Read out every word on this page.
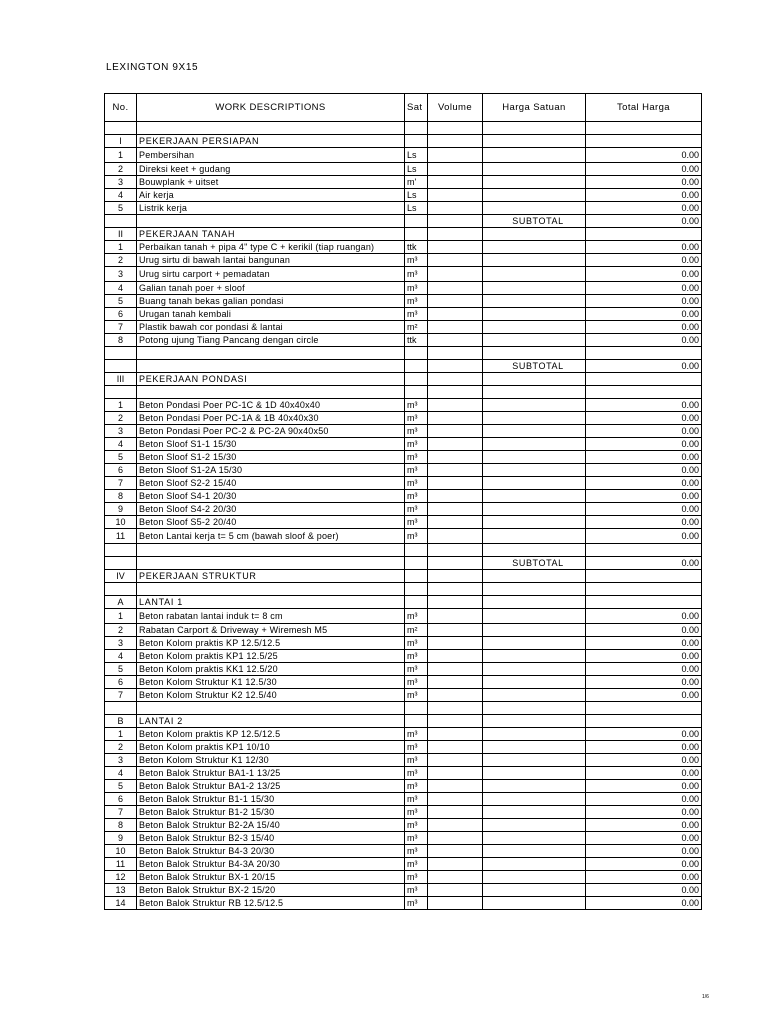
LEXINGTON 9X15
No.	WORK DESCRIPTIONS	Sat	Volume	Harga Satuan	Total Harga

I	PEKERJAAN PERSIAPAN				
1	Pembersihan	Ls			0.00
2	Direksi keet + gudang	Ls			0.00
3	Bouwplank + uitset	m'			0.00
4	Air kerja	Ls			0.00
5	Listrik kerja	Ls			0.00
				SUBTOTAL	0.00
II	PEKERJAAN TANAH				
1	Perbaikan tanah + pipa 4" type C + kerikil (tiap ruangan)	ttk			0.00
2	Urug sirtu di bawah lantai bangunan	m³			0.00
3	Urug sirtu carport + pemadatan	m³			0.00
4	Galian tanah poer + sloof	m³			0.00
5	Buang tanah bekas galian pondasi	m³			0.00
6	Urugan tanah kembali	m³			0.00
7	Plastik bawah cor pondasi & lantai	m²			0.00
8	Potong ujung Tiang Pancang dengan circle	ttk			0.00

				SUBTOTAL	0.00
III	PEKERJAAN PONDASI				

1	Beton Pondasi Poer PC-1C & 1D 40x40x40	m³			0.00
2	Beton Pondasi Poer PC-1A & 1B 40x40x30	m³			0.00
3	Beton Pondasi Poer PC-2 & PC-2A 90x40x50	m³			0.00
4	Beton Sloof S1-1 15/30	m³			0.00
5	Beton Sloof S1-2 15/30	m³			0.00
6	Beton Sloof S1-2A 15/30	m³			0.00
7	Beton Sloof S2-2 15/40	m³			0.00
8	Beton Sloof S4-1 20/30	m³			0.00
9	Beton Sloof S4-2 20/30	m³			0.00
10	Beton Sloof S5-2 20/40	m³			0.00
11	Beton Lantai kerja t= 5 cm (bawah sloof & poer)	m³			0.00

				SUBTOTAL	0.00
IV	PEKERJAAN STRUKTUR				

A	LANTAI 1				
1	Beton rabatan lantai induk t= 8 cm	m³			0.00
2	Rabatan Carport & Driveway + Wiremesh M5	m²			0.00
3	Beton Kolom praktis KP 12.5/12.5	m³			0.00
4	Beton Kolom praktis KP1 12.5/25	m³			0.00
5	Beton Kolom praktis KK1 12.5/20	m³			0.00
6	Beton Kolom Struktur K1 12.5/30	m³			0.00
7	Beton Kolom Struktur K2 12.5/40	m³			0.00

B	LANTAI 2				
1	Beton Kolom praktis KP 12.5/12.5	m³			0.00
2	Beton Kolom praktis KP1 10/10	m³			0.00
3	Beton Kolom Struktur K1 12/30	m³			0.00
4	Beton Balok Struktur BA1-1 13/25	m³			0.00
5	Beton Balok Struktur BA1-2 13/25	m³			0.00
6	Beton Balok Struktur B1-1 15/30	m³			0.00
7	Beton Balok Struktur B1-2 15/30	m³			0.00
8	Beton Balok Struktur B2-2A 15/40	m³			0.00
9	Beton Balok Struktur B2-3 15/40	m³			0.00
10	Beton Balok Struktur B4-3 20/30	m³			0.00
11	Beton Balok Struktur B4-3A 20/30	m³			0.00
12	Beton Balok Struktur BX-1 20/15	m³			0.00
13	Beton Balok Struktur BX-2 15/20	m³			0.00
14	Beton Balok Struktur RB 12.5/12.5	m³			0.00
1/6
